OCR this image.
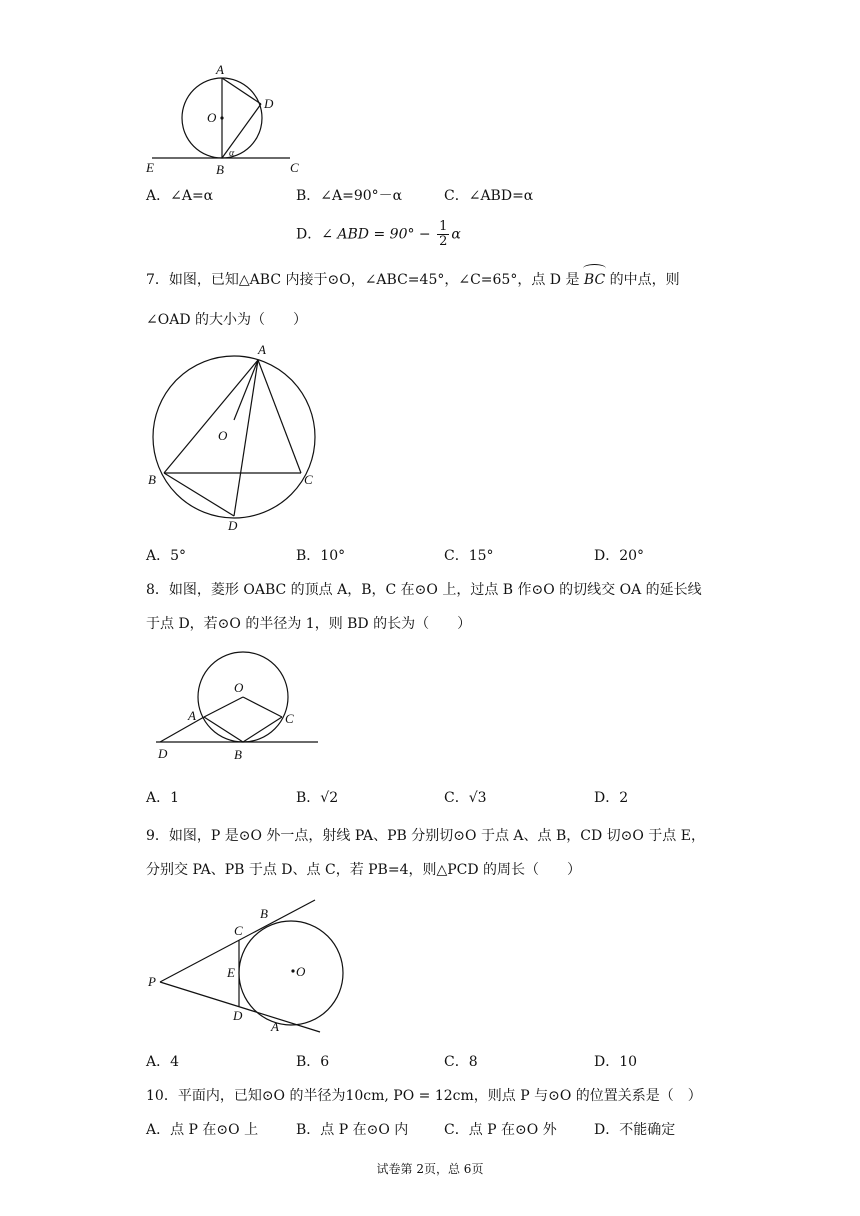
A
D
O
E	B
α
C
A．∠A=α	B．∠A=90°－α	C．∠ABD=α
D．∠ ABD = $90^\circ - \frac{1}{2}$ α
7．如图，已知△ABC 内接于⊙O，∠ABC=45°，∠C=65°，点 D 是 BC 的中点，则
∠OAD 的大小为（　　）
A
O
B	C
D
A．5°	B．10°	C．15°	D．20°
8．如图，菱形 OABC 的顶点 A，B，C 在⊙O 上，过点 B 作⊙O 的切线交 OA 的延长线
于点 D，若⊙O 的半径为 1，则 BD 的长为（　　）
O
A	C
D	B
A．1	B．√2	C．√3	D．2
9．如图，P 是⊙O 外一点，射线 PA、PB 分别切⊙O 于点 A、点 B，CD 切⊙O 于点 E，
分别交 PA、PB 于点 D、点 C，若 PB=4，则△PCD 的周长（　　）
B
C
P
E	O
D
A
A．4	B．6	C．8	D．10
10．平面内，已知⊙O 的半径为10cm, PO = 12cm，则点 P 与⊙O 的位置关系是（　）
A．点 P 在⊙O 上	B．点 P 在⊙O 内	C．点 P 在⊙O 外	D．不能确定
试卷第 2页，总 6页
